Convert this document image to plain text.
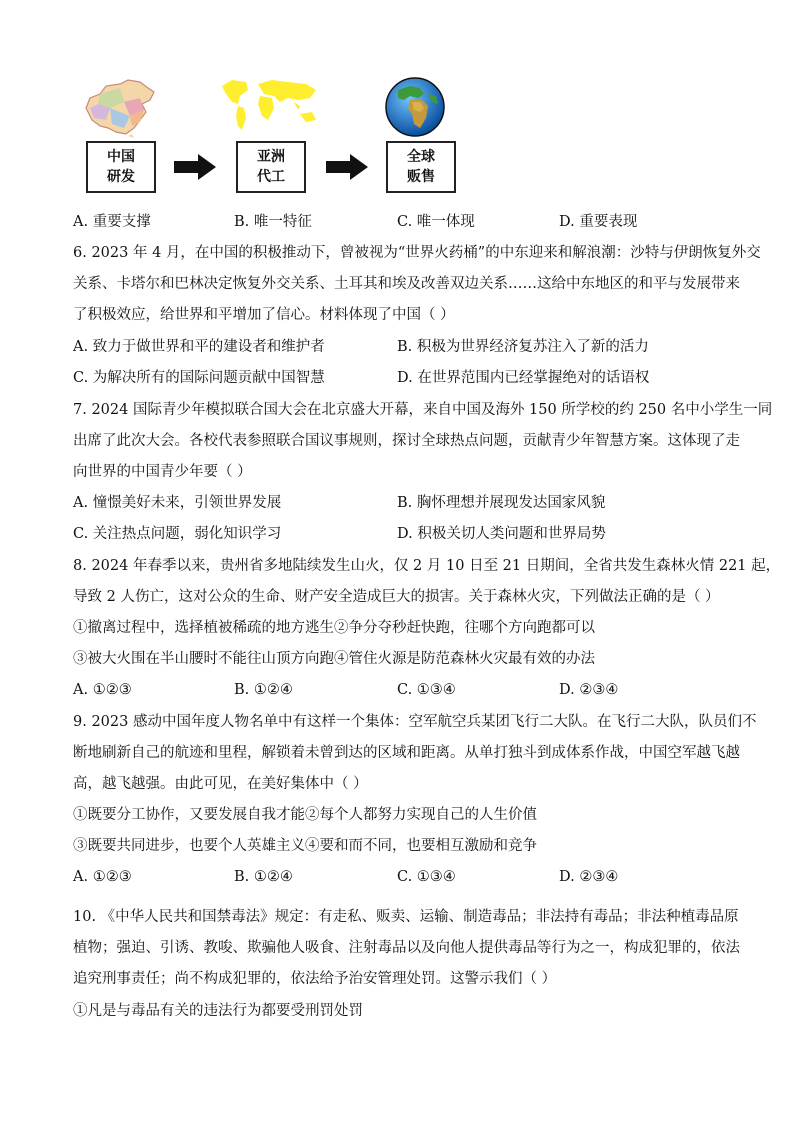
中国
研发
亚洲
代工
全球
贩售
A. 重要支撑	B. 唯一特征	C. 唯一体现	D. 重要表现
6. 2023 年 4 月，在中国的积极推动下，曾被视为“世界火药桶”的中东迎来和解浪潮：沙特与伊朗恢复外交
关系、卡塔尔和巴林决定恢复外交关系、土耳其和埃及改善双边关系……这给中东地区的和平与发展带来
了积极效应，给世界和平增加了信心。材料体现了中国（ ）
A. 致力于做世界和平的建设者和维护者	B. 积极为世界经济复苏注入了新的活力
C. 为解决所有的国际问题贡献中国智慧	D. 在世界范围内已经掌握绝对的话语权
7. 2024 国际青少年模拟联合国大会在北京盛大开幕，来自中国及海外 150 所学校的约 250 名中小学生一同
出席了此次大会。各校代表参照联合国议事规则，探讨全球热点问题，贡献青少年智慧方案。这体现了走
向世界的中国青少年要（ ）
A. 憧憬美好未来，引领世界发展	B. 胸怀理想并展现发达国家风貌
C. 关注热点问题，弱化知识学习	D. 积极关切人类问题和世界局势
8. 2024 年春季以来，贵州省多地陆续发生山火，仅 2 月 10 日至 21 日期间，全省共发生森林火情 221 起，
导致 2 人伤亡，这对公众的生命、财产安全造成巨大的损害。关于森林火灾，下列做法正确的是（ ）
①撤离过程中，选择植被稀疏的地方逃生②争分夺秒赶快跑，往哪个方向跑都可以
③被大火围在半山腰时不能往山顶方向跑④管住火源是防范森林火灾最有效的办法
A. ①②③	B. ①②④	C. ①③④	D. ②③④
9. 2023 感动中国年度人物名单中有这样一个集体：空军航空兵某团飞行二大队。在飞行二大队，队员们不
断地刷新自己的航迹和里程，解锁着未曾到达的区域和距离。从单打独斗到成体系作战，中国空军越飞越
高，越飞越强。由此可见，在美好集体中（ ）
①既要分工协作，又要发展自我才能②每个人都努力实现自己的人生价值
③既要共同进步，也要个人英雄主义④要和而不同，也要相互激励和竞争
A. ①②③	B. ①②④	C. ①③④	D. ②③④
10. 《中华人民共和国禁毒法》规定：有走私、贩卖、运输、制造毒品；非法持有毒品；非法种植毒品原
植物；强迫、引诱、教唆、欺骗他人吸食、注射毒品以及向他人提供毒品等行为之一，构成犯罪的，依法
追究刑事责任；尚不构成犯罪的，依法给予治安管理处罚。这警示我们（ ）
①凡是与毒品有关的违法行为都要受刑罚处罚
